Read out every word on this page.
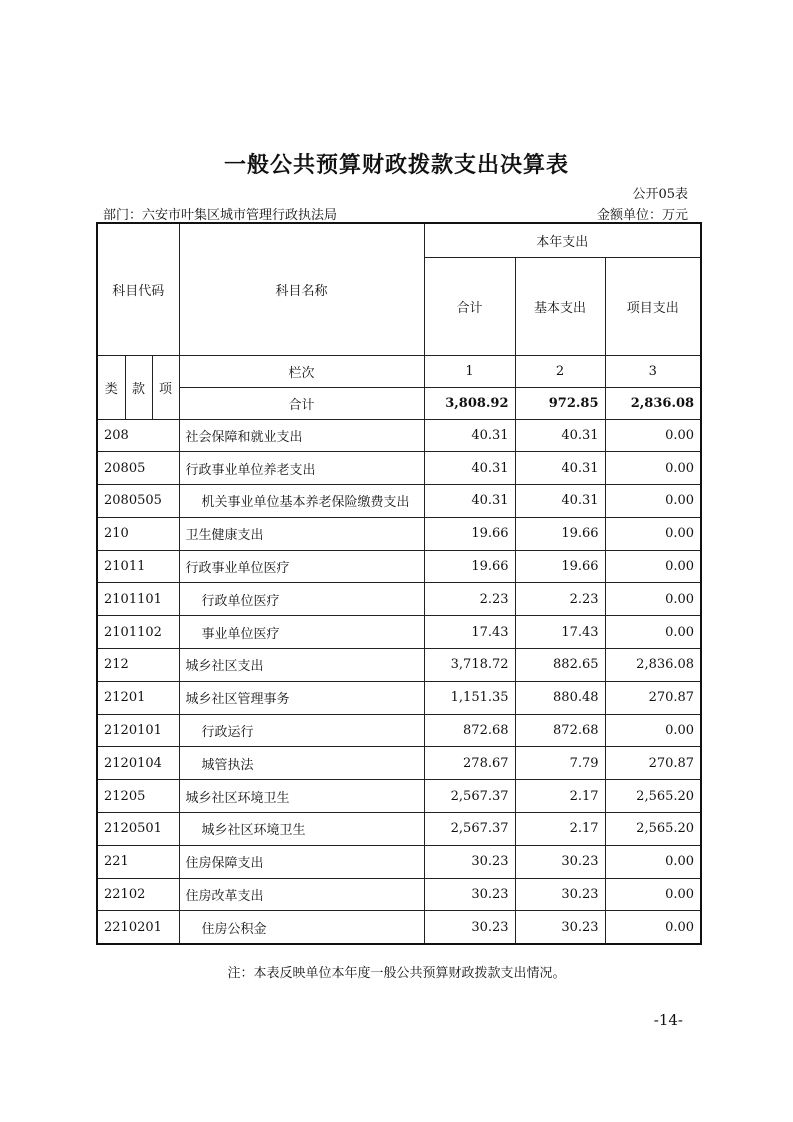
一般公共预算财政拨款支出决算表
公开05表
部门：六安市叶集区城市管理行政执法局	金额单位：万元
科目代码			科目名称	本年支出		
				合计	基本支出	项目支出
类	款	项	栏次	1	2	3
			合计	3,808.92	972.85	2,836.08
208			社会保障和就业支出	40.31	40.31	0.00
20805			行政事业单位养老支出	40.31	40.31	0.00
2080505			机关事业单位基本养老保险缴费支出	40.31	40.31	0.00
210			卫生健康支出	19.66	19.66	0.00
21011			行政事业单位医疗	19.66	19.66	0.00
2101101			行政单位医疗	2.23	2.23	0.00
2101102			事业单位医疗	17.43	17.43	0.00
212			城乡社区支出	3,718.72	882.65	2,836.08
21201			城乡社区管理事务	1,151.35	880.48	270.87
2120101			行政运行	872.68	872.68	0.00
2120104			城管执法	278.67	7.79	270.87
21205			城乡社区环境卫生	2,567.37	2.17	2,565.20
2120501			城乡社区环境卫生	2,567.37	2.17	2,565.20
221			住房保障支出	30.23	30.23	0.00
22102			住房改革支出	30.23	30.23	0.00
2210201			住房公积金	30.23	30.23	0.00
注：本表反映单位本年度一般公共预算财政拨款支出情况。
-14-
